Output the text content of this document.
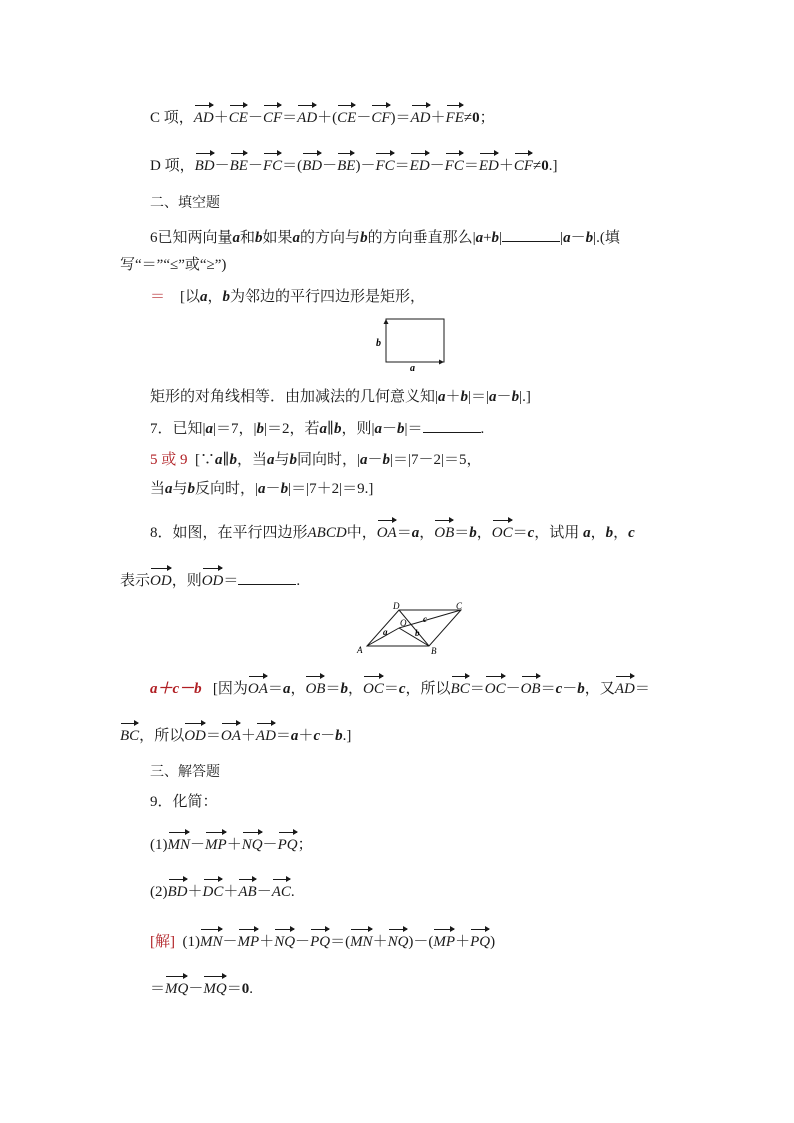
C 项，AD＋CE－CF＝AD＋(CE－CF)＝AD＋FE≠0；
D 项，BD－BE－FC＝(BD－BE)－FC＝ED－FC＝ED＋CF≠0.]
二、填空题
6已知两向量a和b如果a的方向与b的方向垂直那么|a+b|	|a－b|.(填
写“＝”“≤”或“≥”)
＝ [以a，b为邻边的平行四边形是矩形，
b
a
矩形的对角线相等．由加减法的几何意义知|a＋b|＝|a－b|.]
7．已知|a|＝7，|b|＝2，若a∥b，则|a－b|＝	.
5 或 9 [∵a∥b，当a与b同向时，|a－b|＝|7－2|＝5，
当a与b反向时，|a－b|＝|7＋2|＝9.]
8．如图，在平行四边形ABCD中，OA＝a，OB＝b，OC＝c，试用 a，b，c
表示OD，则OD＝	.
A	B
C
D
O
a	b
c
a＋c－b [因为OA＝a，OB＝b，OC＝c，所以BC＝OC－OB＝c－b，又AD＝
BC，所以OD＝OA＋AD＝a＋c－b.]
三、解答题
9．化简：
(1)MN－MP＋NQ－PQ；
(2)BD＋DC＋AB－AC.
[解] (1)MN－MP＋NQ－PQ＝(MN＋NQ)－(MP＋PQ)
＝MQ－MQ＝0.
